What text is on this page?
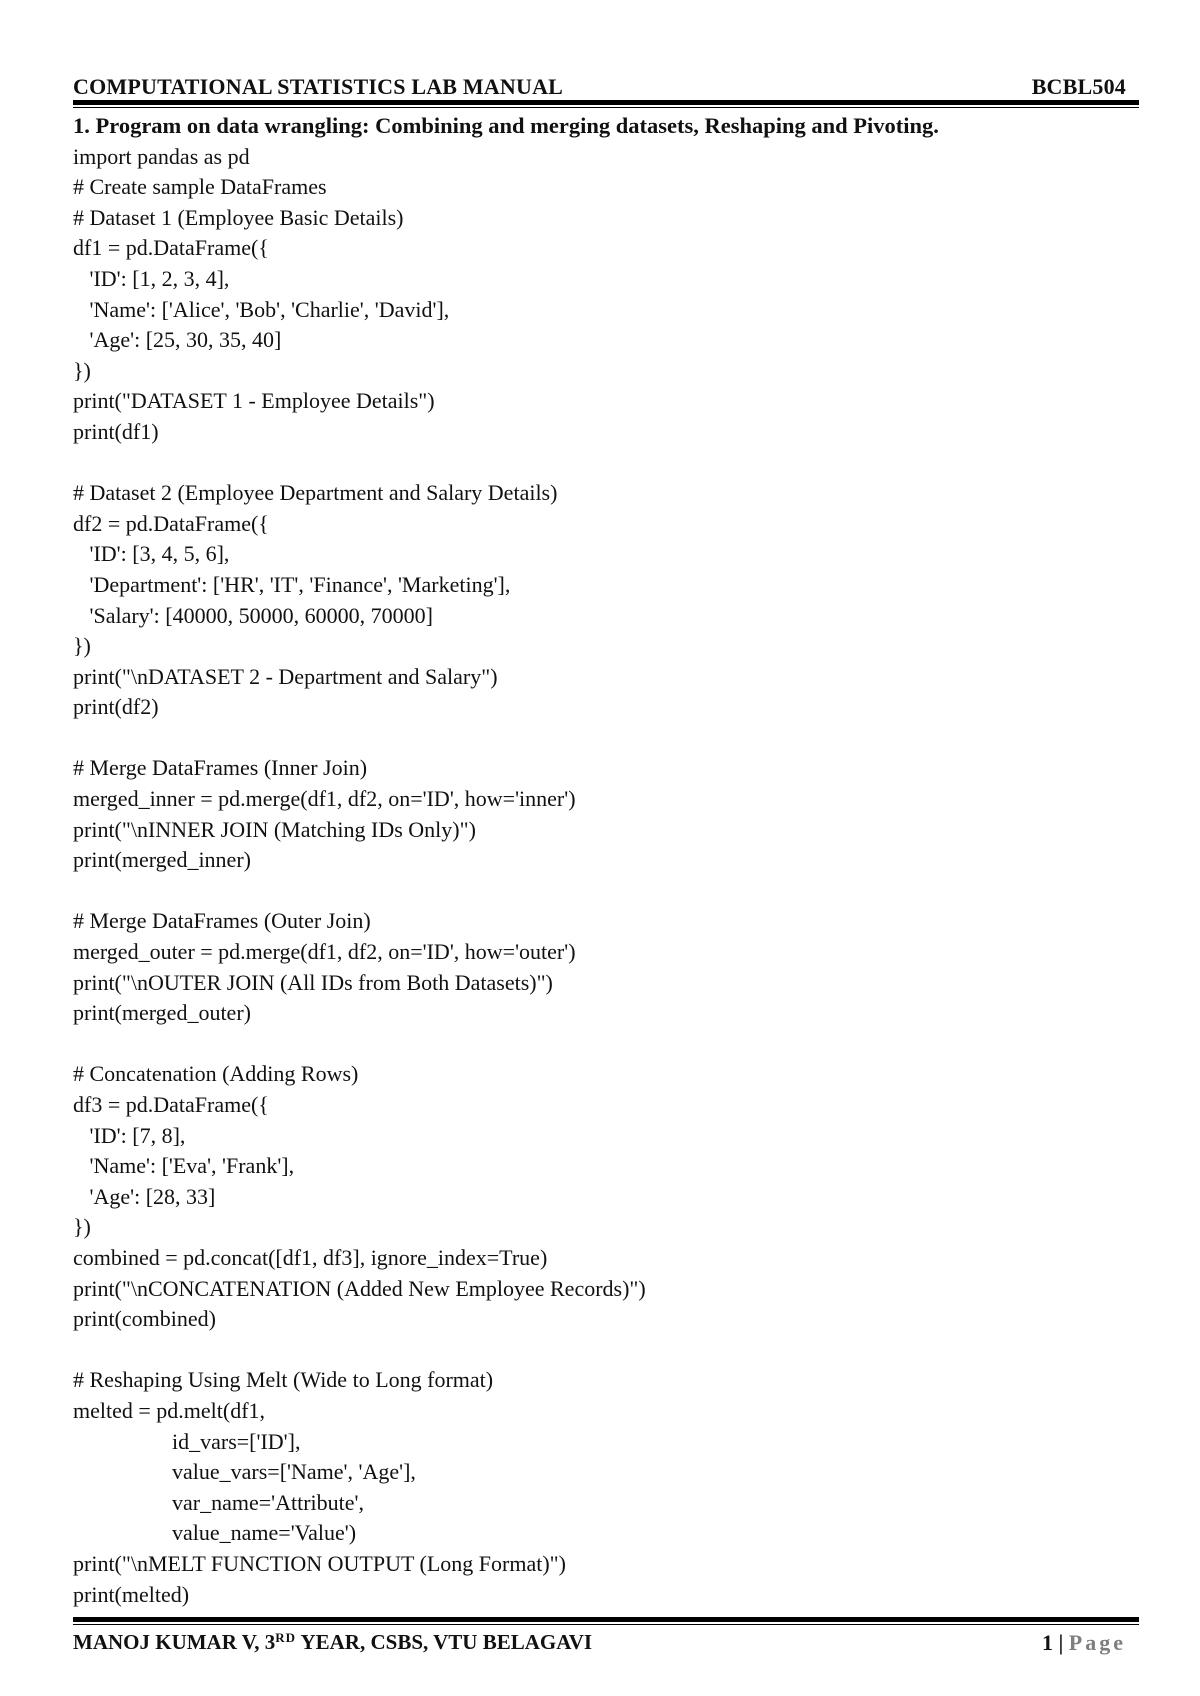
COMPUTATIONAL STATISTICS LAB MANUAL	BCBL504
1. Program on data wrangling: Combining and merging datasets, Reshaping and Pivoting.
import pandas as pd
# Create sample DataFrames
# Dataset 1 (Employee Basic Details)
df1 = pd.DataFrame({
'ID': [1, 2, 3, 4],
'Name': ['Alice', 'Bob', 'Charlie', 'David'],
'Age': [25, 30, 35, 40]
})
print("DATASET 1 - Employee Details")
print(df1)
# Dataset 2 (Employee Department and Salary Details)
df2 = pd.DataFrame({
'ID': [3, 4, 5, 6],
'Department': ['HR', 'IT', 'Finance', 'Marketing'],
'Salary': [40000, 50000, 60000, 70000]
})
print("\nDATASET 2 - Department and Salary")
print(df2)
# Merge DataFrames (Inner Join)
merged_inner = pd.merge(df1, df2, on='ID', how='inner')
print("\nINNER JOIN (Matching IDs Only)")
print(merged_inner)
# Merge DataFrames (Outer Join)
merged_outer = pd.merge(df1, df2, on='ID', how='outer')
print("\nOUTER JOIN (All IDs from Both Datasets)")
print(merged_outer)
# Concatenation (Adding Rows)
df3 = pd.DataFrame({
'ID': [7, 8],
'Name': ['Eva', 'Frank'],
'Age': [28, 33]
})
combined = pd.concat([df1, df3], ignore_index=True)
print("\nCONCATENATION (Added New Employee Records)")
print(combined)
# Reshaping Using Melt (Wide to Long format)
melted = pd.melt(df1,
id_vars=['ID'],
value_vars=['Name', 'Age'],
var_name='Attribute',
value_name='Value')
print("\nMELT FUNCTION OUTPUT (Long Format)")
print(melted)
MANOJ KUMAR V, 3RD YEAR, CSBS, VTU BELAGAVI	1 | Page
